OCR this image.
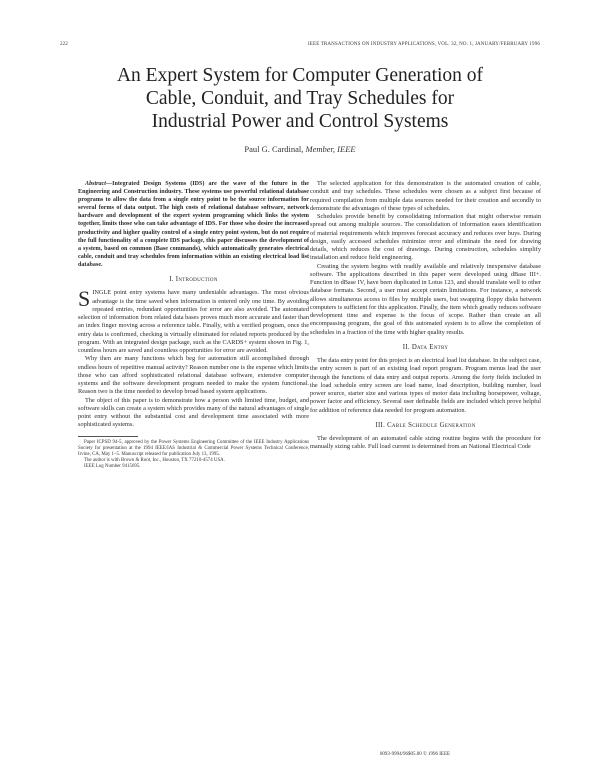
222	IEEE TRANSACTIONS ON INDUSTRY APPLICATIONS, VOL. 32, NO. 1, JANUARY/FEBRUARY 1996
An Expert System for Computer Generation of
Cable, Conduit, and Tray Schedules for
Industrial Power and Control Systems
Paul G. Cardinal, Member, IEEE

Abstract—Integrated Design Systems (IDS) are the wave of the future in the Engineering and Construction industry. These systems use powerful relational database programs to allow the data from a single entry point to be the source information for several forms of data output. The high costs of relational database software, network hardware and development of the expert system programing which links the system together, limits those who can take advantage of IDS. For those who desire the increased productivity and higher quality control of a single entry point system, but do not require the full functionality of a complete IDS package, this paper discusses the development of a system, based on common (Base commands), which automatically generates electrical cable, conduit and tray schedules from information within an existing electrical load list database.

I. Introduction

SINGLE point entry systems have many undeniable advantages. The most obvious advantage is the time saved when information is entered only one time. By avoiding repeated entries, redundant opportunities for error are also avoided. The automated selection of information from related data bases proves much more accurate and faster than an index finger moving across a reference table. Finally, with a verified program, once the entry data is confirmed, checking is virtually eliminated for related reports produced by the program. With an integrated design package, such as the CARDS+ system shown in Fig. 1, countless hours are saved and countless opportunities for error are avoided.

Why then are many functions which beg for automation still accomplished through endless hours of repetitive manual activity? Reason number one is the expense which limits those who can afford sophisticated relational database software, extensive computer systems and the software development program needed to make the system functional. Reason two is the time needed to develop broad based system applications.

The object of this paper is to demonstrate how a person with limited time, budget, and software skills can create a system which provides many of the natural advantages of single point entry without the substantial cost and development time associated with more sophisticated systems.

Paper ICPSD 94-5, approved by the Power Systems Engineering Committee of the IEEE Industry Applications Society for presentation at the 1994 IEEE/IAS Industrial & Commercial Power Systems Technical Conference, Irvine, CA, May 1–5. Manuscript released for publication July 13, 1995.

The author is with Brown & Root, Inc., Houston, TX 77210-4574 USA.

IEEE Log Number 9415695.

The selected application for this demonstration is the automated creation of cable, conduit and tray schedules. These schedules were chosen as a subject first because of required compilation from multiple data sources needed for their creation and secondly to demonstrate the advantages of these types of schedules.

Schedules provide benefit by consolidating information that might otherwise remain spread out among multiple sources. The consolidation of information eases identification of material requirements which improves forecast accuracy and reduces over buys. During design, easily accessed schedules minimize error and eliminate the need for drawing details, which reduces the cost of drawings. During construction, schedules simplify installation and reduce field engineering.

Creating the system begins with readily available and relatively inexpensive database software. The applications described in this paper were developed using dBase III+. Function in dBase IV, have been duplicated in Lotus 123, and should translate well to other database formats. Second, a user must accept certain limitations. For instance, a network allows simultaneous access to files by multiple users, but swapping floppy disks between computers is sufficient for this application. Finally, the item which greatly reduces software development time and expense is the focus of scope. Rather than create an all encompassing program, the goal of this automated system is to allow the completion of schedules in a fraction of the time with higher quality results.

II. Data Entry

The data entry point for this project is an electrical load list database. In the subject case, the entry screen is part of an existing load report program. Program menus lead the user through the functions of data entry and output reports. Among the forty fields included in the load schedule entry screen are load name, load description, building number, load power source, starter size and various types of motor data including horsepower, voltage, power factor and efficiency. Several user definable fields are included which prove helpful for addition of reference data needed for program automation.

III. Cable Schedule Generation

The development of an automated cable sizing routine begins with the procedure for manually sizing cable. Full load current is determined from an National Electrical Code

0093-9994/96$05.00 © 1996 IEEE
